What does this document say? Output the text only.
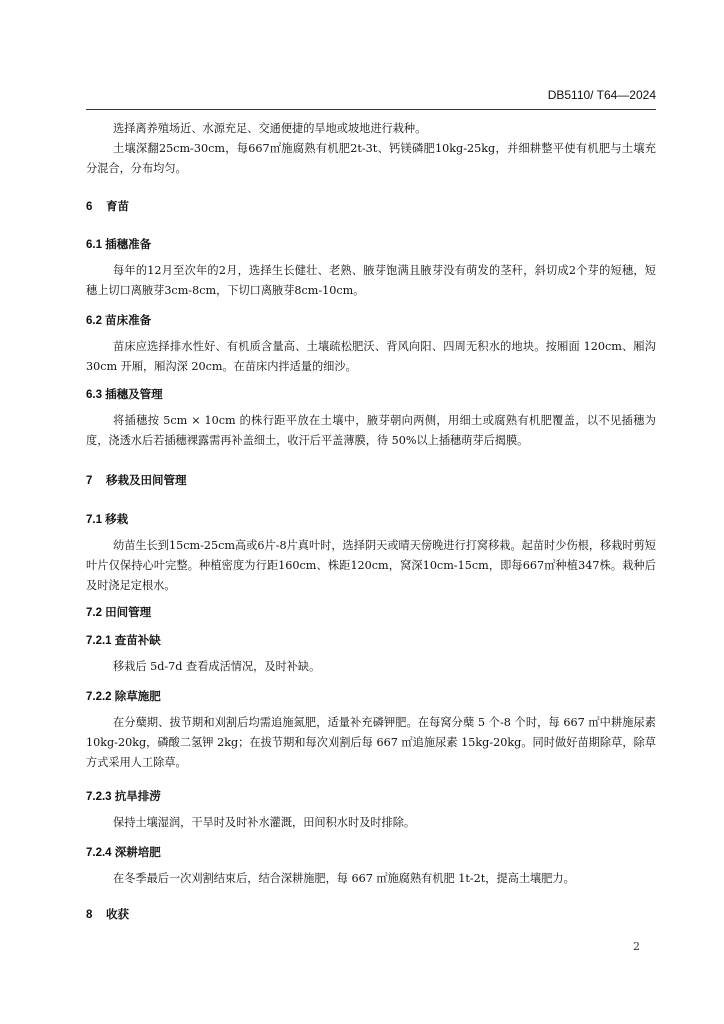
DB5110/ T64—2024

选择离养殖场近、水源充足、交通便捷的旱地或坡地进行栽种。

土壤深翻25cm-30cm，每667㎡施腐熟有机肥2t-3t、钙镁磷肥10kg-25kg，并细耕整平使有机肥与土壤充分混合，分布均匀。

6 育苗
6.1 插穗准备

每年的12月至次年的2月，选择生长健壮、老熟、腋芽饱满且腋芽没有萌发的茎秆，斜切成2个芽的短穗，短穗上切口离腋芽3cm-8cm，下切口离腋芽8cm-10cm。

6.2 苗床准备

苗床应选择排水性好、有机质含量高、土壤疏松肥沃、背风向阳、四周无积水的地块。按厢面 120cm、厢沟 30cm 开厢，厢沟深 20cm。在苗床内拌适量的细沙。

6.3 插穗及管理

将插穗按 5cm × 10cm 的株行距平放在土壤中，腋芽朝向两侧，用细土或腐熟有机肥覆盖，以不见插穗为度，浇透水后若插穗裸露需再补盖细土，收汗后平盖薄膜，待 50%以上插穗萌芽后揭膜。

7 移栽及田间管理
7.1 移栽

幼苗生长到15cm-25cm高或6片-8片真叶时，选择阴天或晴天傍晚进行打窝移栽。起苗时少伤根，移栽时剪短叶片仅保持心叶完整。种植密度为行距160cm、株距120cm，窝深10cm-15cm，即每667㎡种植347株。栽种后及时浇足定根水。

7.2 田间管理
7.2.1 查苗补缺

移栽后 5d-7d 查看成活情况，及时补缺。

7.2.2 除草施肥

在分蘖期、拔节期和刈割后均需追施氮肥，适量补充磷钾肥。在每窝分蘖 5 个-8 个时，每 667 ㎡中耕施尿素 10kg-20kg，磷酸二氢钾 2kg；在拔节期和每次刈割后每 667 ㎡追施尿素 15kg-20kg。同时做好苗期除草，除草方式采用人工除草。

7.2.3 抗旱排涝

保持土壤湿润，干旱时及时补水灌溉，田间积水时及时排除。

7.2.4 深耕培肥

在冬季最后一次刈割结束后，结合深耕施肥，每 667 ㎡施腐熟有机肥 1t-2t，提高土壤肥力。

8 收获
2
